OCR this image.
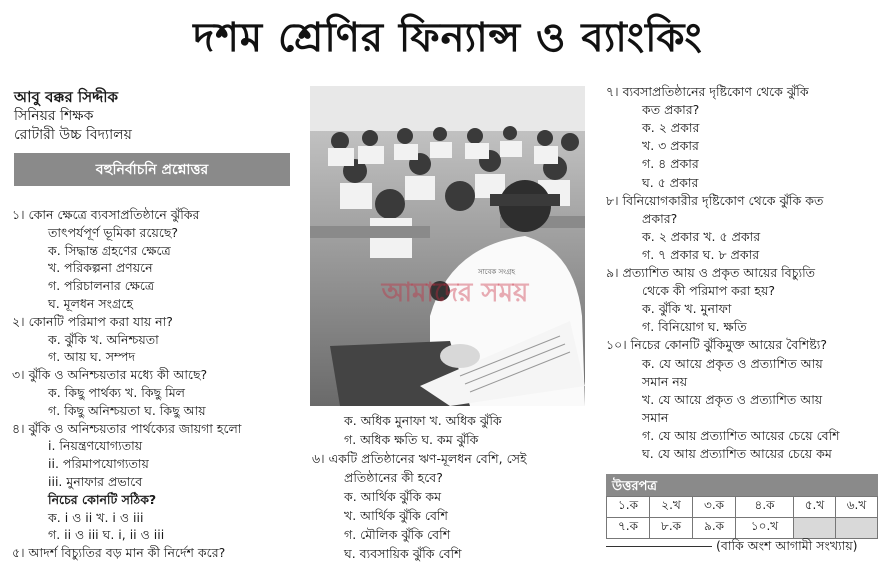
দশম শ্রেণির ফিন্যান্স ও ব্যাংকিং
আবু বক্কর সিদ্দীক
সিনিয়র শিক্ষক
রোটারী উচ্চ বিদ্যালয়
বহুনির্বাচনি প্রশ্নোত্তর
১। কোন ক্ষেত্রে ব্যবসাপ্রতিষ্ঠানে ঝুঁকির
তাৎপর্যপূর্ণ ভূমিকা রয়েছে?
ক. সিদ্ধান্ত গ্রহণের ক্ষেত্রে
খ. পরিকল্পনা প্রণয়নে
গ. পরিচালনার ক্ষেত্রে
ঘ. মূলধন সংগ্রহে
২। কোনটি পরিমাপ করা যায় না?
ক. ঝুঁকি খ. অনিশ্চয়তা
গ. আয় ঘ. সম্পদ
৩। ঝুঁকি ও অনিশ্চয়তার মধ্যে কী আছে?
ক. কিছু পার্থক্য খ. কিছু মিল
গ. কিছু অনিশ্চয়তা ঘ. কিছু আয়
৪। ঝুঁকি ও অনিশ্চয়তার পার্থক্যের জায়গা হলো
i. নিয়ন্ত্রণযোগ্যতায়
ii. পরিমাপযোগ্যতায়
iii. মুনাফার প্রভাবে
নিচের কোনটি সঠিক?
ক. i ও ii খ. i ও iii
গ. ii ও iii ঘ. i, ii ও iii
৫। আদর্শ বিচ্যুতির বড় মান কী নির্দেশ করে?
ক. অধিক মুনাফা খ. অধিক ঝুঁকি
গ. অধিক ক্ষতি ঘ. কম ঝুঁকি
৬। একটি প্রতিষ্ঠানের ঋণ-মূলধন বেশি, সেই
প্রতিষ্ঠানের কী হবে?
ক. আর্থিক ঝুঁকি কম
খ. আর্থিক ঝুঁকি বেশি
গ. মৌলিক ঝুঁকি বেশি
ঘ. ব্যবসায়িক ঝুঁকি বেশি
৭। ব্যবসাপ্রতিষ্ঠানের দৃষ্টিকোণ থেকে ঝুঁকি
কত প্রকার?
ক. ২ প্রকার
খ. ৩ প্রকার
গ. ৪ প্রকার
ঘ. ৫ প্রকার
৮। বিনিয়োগকারীর দৃষ্টিকোণ থেকে ঝুঁকি কত
প্রকার?
ক. ২ প্রকার খ. ৫ প্রকার
গ. ৭ প্রকার ঘ. ৮ প্রকার
৯। প্রত্যাশিত আয় ও প্রকৃত আয়ের বিচ্যুতি
থেকে কী পরিমাপ করা হয়?
ক. ঝুঁকি খ. মুনাফা
গ. বিনিয়োগ ঘ. ক্ষতি
১০। নিচের কোনটি ঝুঁকিমুক্ত আয়ের বৈশিষ্ট্য?
ক. যে আয়ে প্রকৃত ও প্রত্যাশিত আয়
সমান নয়
খ. যে আয়ে প্রকৃত ও প্রত্যাশিত আয়
সমান
গ. যে আয় প্রত্যাশিত আয়ের চেয়ে বেশি
ঘ. যে আয় প্রত্যাশিত আয়ের চেয়ে কম
আমাদের সময়
সাবেক সংগ্রহ
উত্তরপত্র
১.ক	২.খ	৩.ক	৪.ক	৫.খ	৬.খ
৭.ক	৮.ক	৯.ক	১০.খ		
(বাকি অংশ আগামী সংখ্যায়)
